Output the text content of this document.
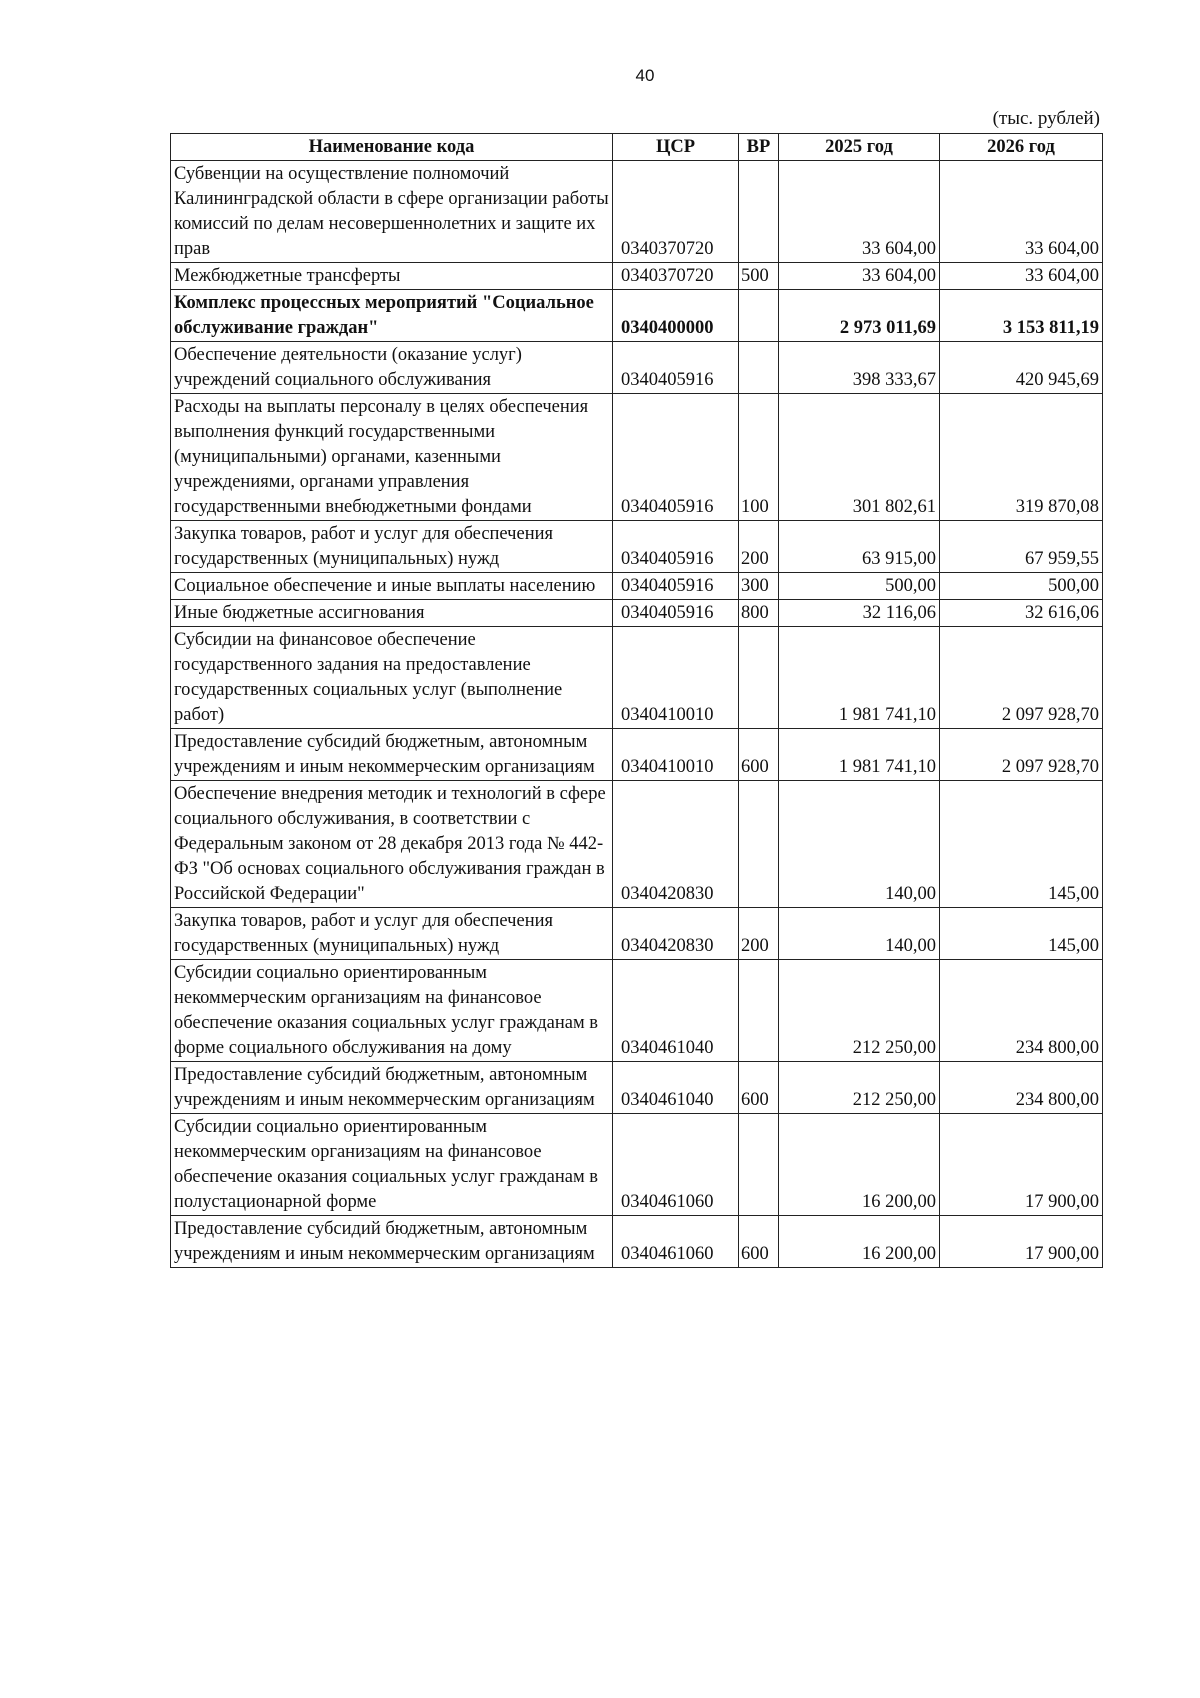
40
(тыс. рублей)
Наименование кода	ЦСР	ВР	2025 год	2026 год
Субвенции на осуществление полномочий Калининградской области в сфере организации работы комиссий по делам несовершеннолетних и защите их прав	0340370720		33 604,00	33 604,00
Межбюджетные трансферты	0340370720	500	33 604,00	33 604,00
Комплекс процессных мероприятий "Социальное обслуживание граждан"	0340400000		2 973 011,69	3 153 811,19
Обеспечение деятельности (оказание услуг) учреждений социального обслуживания	0340405916		398 333,67	420 945,69
Расходы на выплаты персоналу в целях обеспечения выполнения функций государственными (муниципальными) органами, казенными учреждениями, органами управления государственными внебюджетными фондами	0340405916	100	301 802,61	319 870,08
Закупка товаров, работ и услуг для обеспечения государственных (муниципальных) нужд	0340405916	200	63 915,00	67 959,55
Социальное обеспечение и иные выплаты населению	0340405916	300	500,00	500,00
Иные бюджетные ассигнования	0340405916	800	32 116,06	32 616,06
Субсидии на финансовое обеспечение государственного задания на предоставление государственных социальных услуг (выполнение работ)	0340410010		1 981 741,10	2 097 928,70
Предоставление субсидий бюджетным, автономным учреждениям и иным некоммерческим организациям	0340410010	600	1 981 741,10	2 097 928,70
Обеспечение внедрения методик и технологий в сфере социального обслуживания, в соответствии с Федеральным законом от 28 декабря 2013 года № 442-ФЗ "Об основах социального обслуживания граждан в Российской Федерации"	0340420830		140,00	145,00
Закупка товаров, работ и услуг для обеспечения государственных (муниципальных) нужд	0340420830	200	140,00	145,00
Субсидии социально ориентированным некоммерческим организациям на финансовое обеспечение оказания социальных услуг гражданам в форме социального обслуживания на дому	0340461040		212 250,00	234 800,00
Предоставление субсидий бюджетным, автономным учреждениям и иным некоммерческим организациям	0340461040	600	212 250,00	234 800,00
Субсидии социально ориентированным некоммерческим организациям на финансовое обеспечение оказания социальных услуг гражданам в полустационарной форме	0340461060		16 200,00	17 900,00
Предоставление субсидий бюджетным, автономным учреждениям и иным некоммерческим организациям	0340461060	600	16 200,00	17 900,00
